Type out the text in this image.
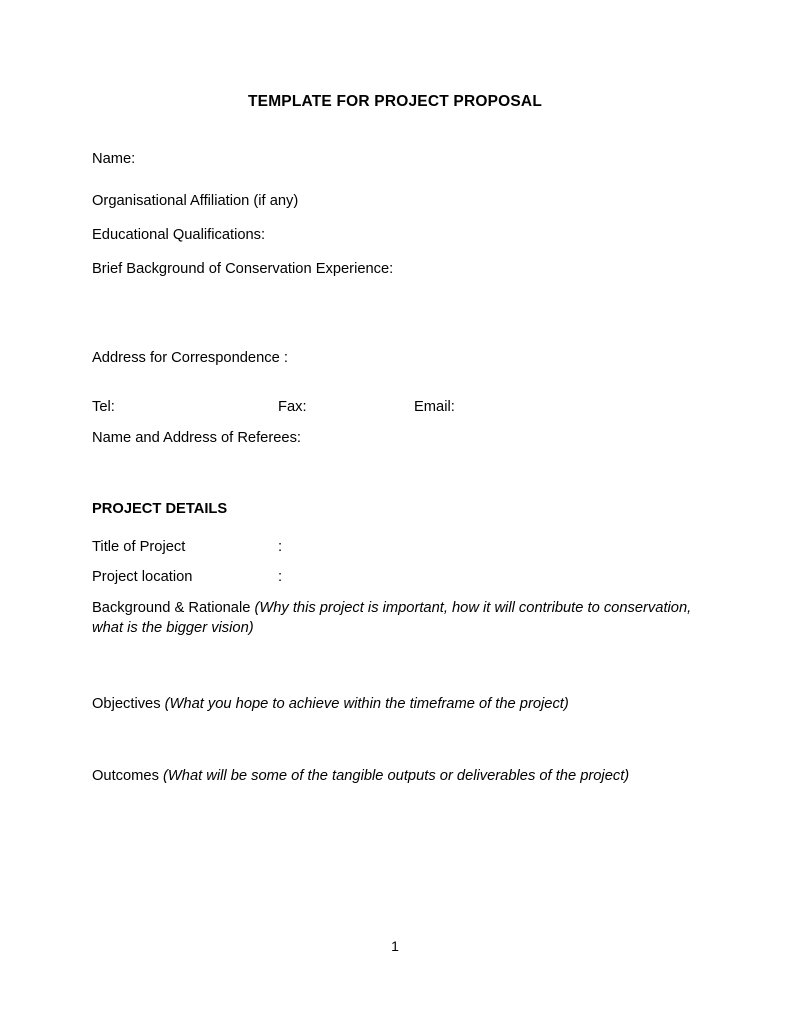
TEMPLATE FOR PROJECT PROPOSAL

Name:

Organisational Affiliation (if any)

Educational Qualifications:

Brief Background of Conservation Experience:

Address for Correspondence :

Tel:	Fax:	Email:

Name and Address of Referees:

PROJECT DETAILS

Title of Project	:
Project location	:

Background & Rationale (Why this project is important, how it will contribute to conservation, what is the bigger vision)

Objectives (What you hope to achieve within the timeframe of the project)

Outcomes (What will be some of the tangible outputs or deliverables of the project)

1
